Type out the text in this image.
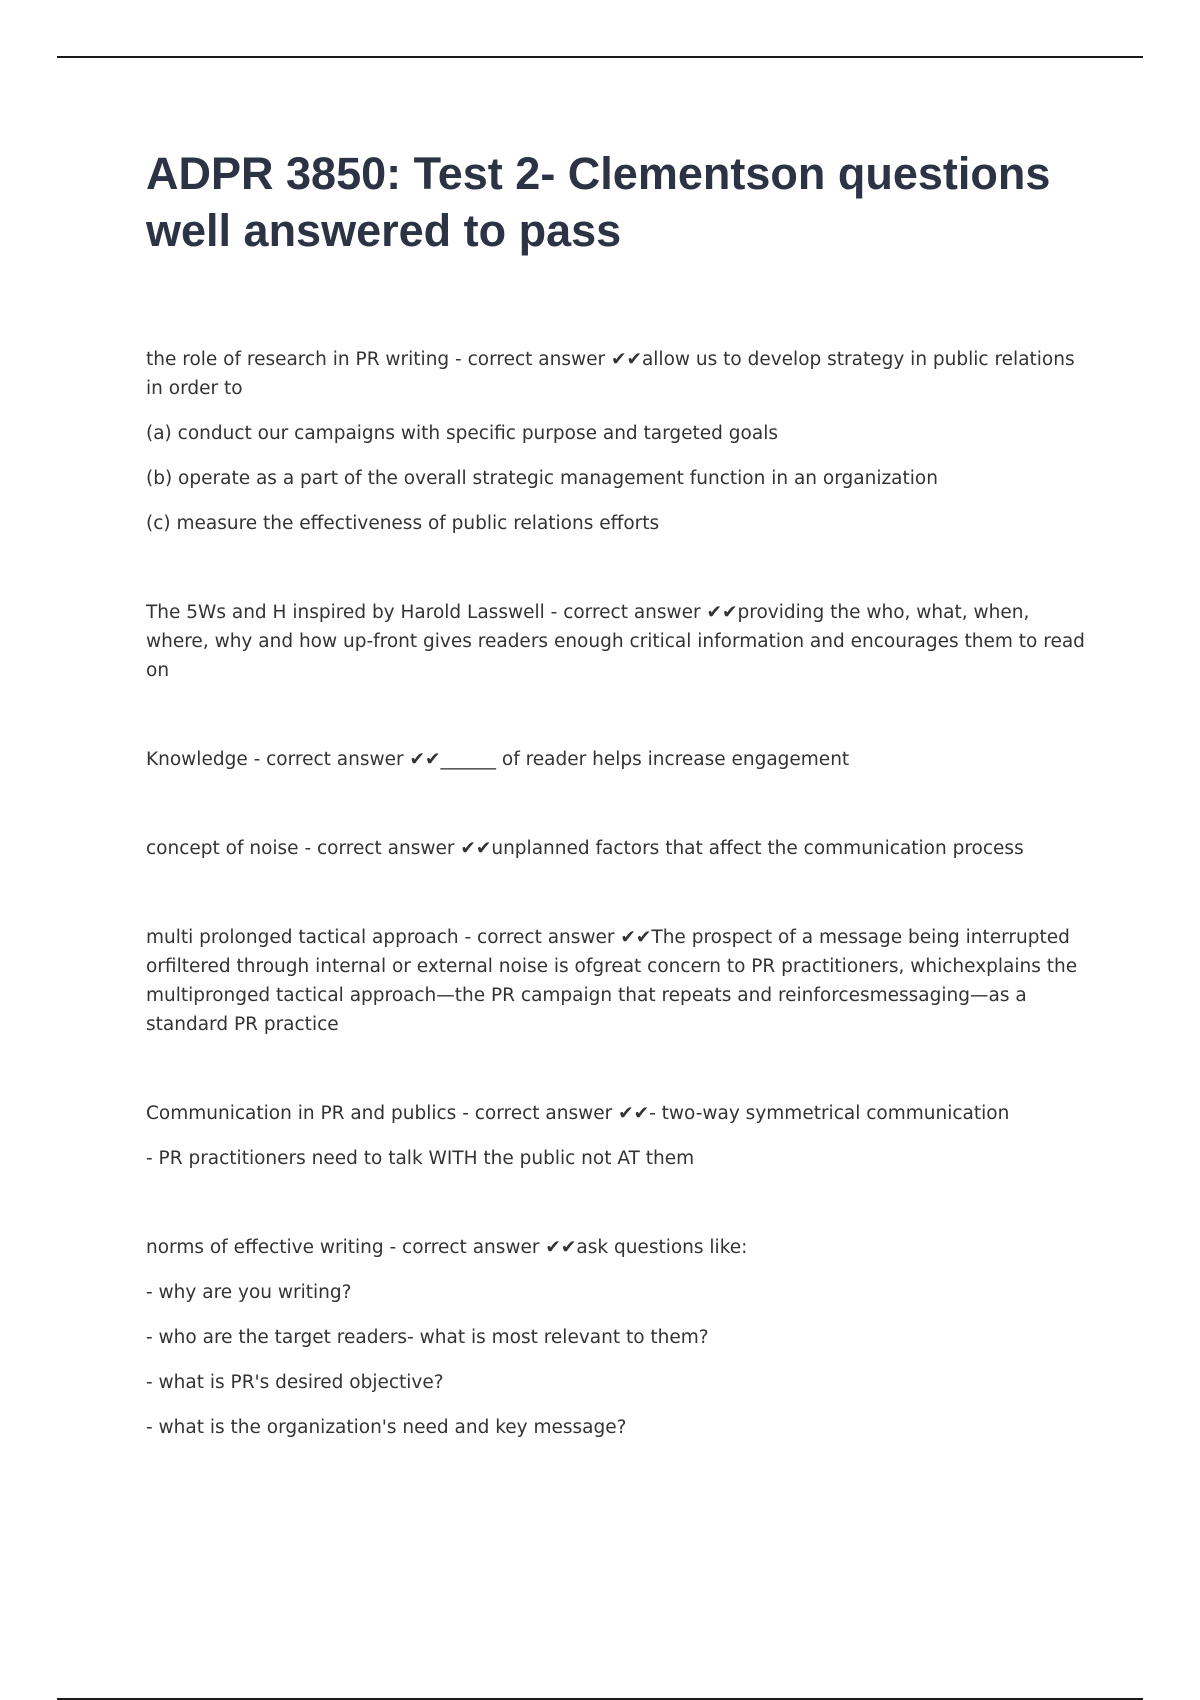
ADPR 3850: Test 2- Clementson questions well answered to pass

the role of research in PR writing - correct answer ✔✔allow us to develop strategy in public relations in order to

(a) conduct our campaigns with specific purpose and targeted goals

(b) operate as a part of the overall strategic management function in an organization

(c) measure the effectiveness of public relations efforts

The 5Ws and H inspired by Harold Lasswell - correct answer ✔✔providing the who, what, when, where, why and how up-front gives readers enough critical information and encourages them to read on

Knowledge - correct answer ✔✔______ of reader helps increase engagement

concept of noise - correct answer ✔✔unplanned factors that affect the communication process

multi prolonged tactical approach - correct answer ✔✔The prospect of a message being interrupted orfiltered through internal or external noise is ofgreat concern to PR practitioners, whichexplains the multipronged tactical approach—the PR campaign that repeats and reinforcesmessaging—as a standard PR practice

Communication in PR and publics - correct answer ✔✔- two-way symmetrical communication

- PR practitioners need to talk WITH the public not AT them

norms of effective writing - correct answer ✔✔ask questions like:

- why are you writing?

- who are the target readers- what is most relevant to them?

- what is PR's desired objective?

- what is the organization's need and key message?
